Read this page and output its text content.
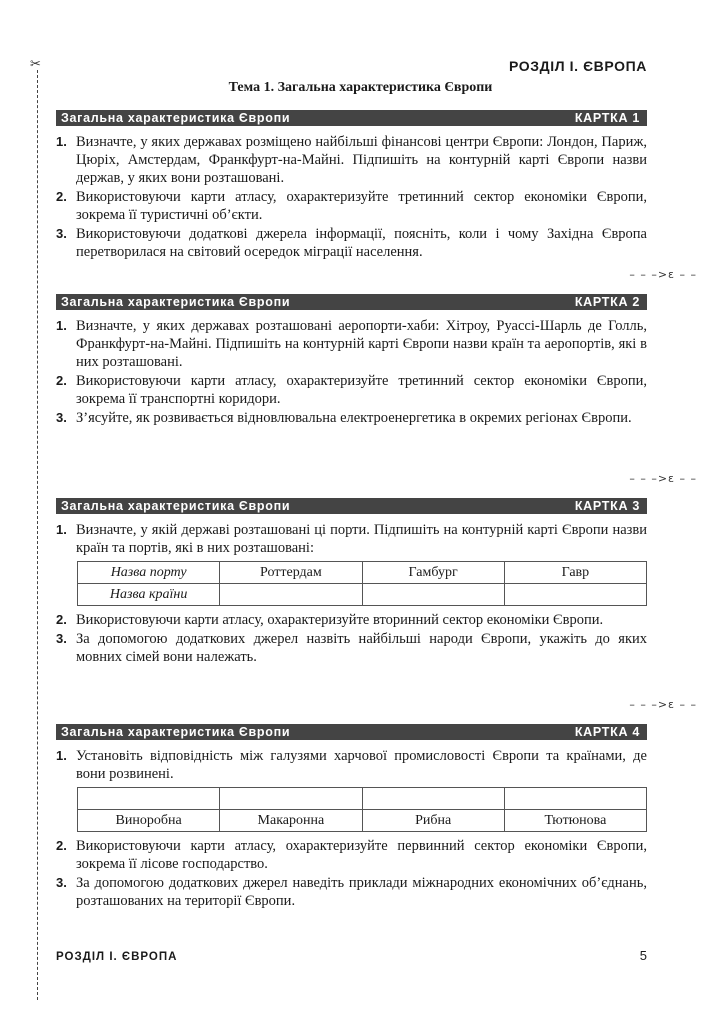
✂	РОЗДІЛ І. ЄВРОПА
Тема 1. Загальна характеристика Європи
Загальна характеристика Європи	КАРТКА 1
1. Визначте, у яких державах розміщено найбільші фінансові центри Європи: Лондон, Париж, Цюріх, Амстердам, Франкфурт-на-Майні. Підпишіть на контурній карті Європи назви держав, у яких вони розташовані.
2. Використовуючи карти атласу, охарактеризуйте третинний сектор економіки Європи, зокрема її туристичні об’єкти.
3. Використовуючи додаткові джерела інформації, поясніть, коли і чому Західна Європа перетворилася на світовий осередок міграції населення.
– – –>ɛ – –
Загальна характеристика Європи	КАРТКА 2
1. Визначте, у яких державах розташовані аеропорти-хаби: Хітроу, Руассі-Шарль де Голль, Франкфурт-на-Майні. Підпишіть на контурній карті Європи назви країн та аеропортів, які в них розташовані.
2. Використовуючи карти атласу, охарактеризуйте третинний сектор економіки Європи, зокрема її транспортні коридори.
3. З’ясуйте, як розвивається відновлювальна електроенергетика в окремих регіонах Європи.
– – –>ɛ – –
Загальна характеристика Європи	КАРТКА 3
1. Визначте, у якій державі розташовані ці порти. Підпишіть на контурній карті Європи назви країн та портів, які в них розташовані:
Назва порту	Роттердам	Гамбург	Гавр
Назва країни			
2. Використовуючи карти атласу, охарактеризуйте вторинний сектор економіки Європи.
3. За допомогою додаткових джерел назвіть найбільші народи Європи, укажіть до яких мовних сімей вони належать.
– – –>ɛ – –
Загальна характеристика Європи	КАРТКА 4
1. Установіть відповідність між галузями харчової промисловості Європи та країнами, де вони розвинені.

Виноробна	Макаронна	Рибна	Тютюнова
2. Використовуючи карти атласу, охарактеризуйте первинний сектор економіки Європи, зокрема її лісове господарство.
3. За допомогою додаткових джерел наведіть приклади міжнародних економічних об’єднань, розташованих на території Європи.
РОЗДІЛ І. ЄВРОПА	5
